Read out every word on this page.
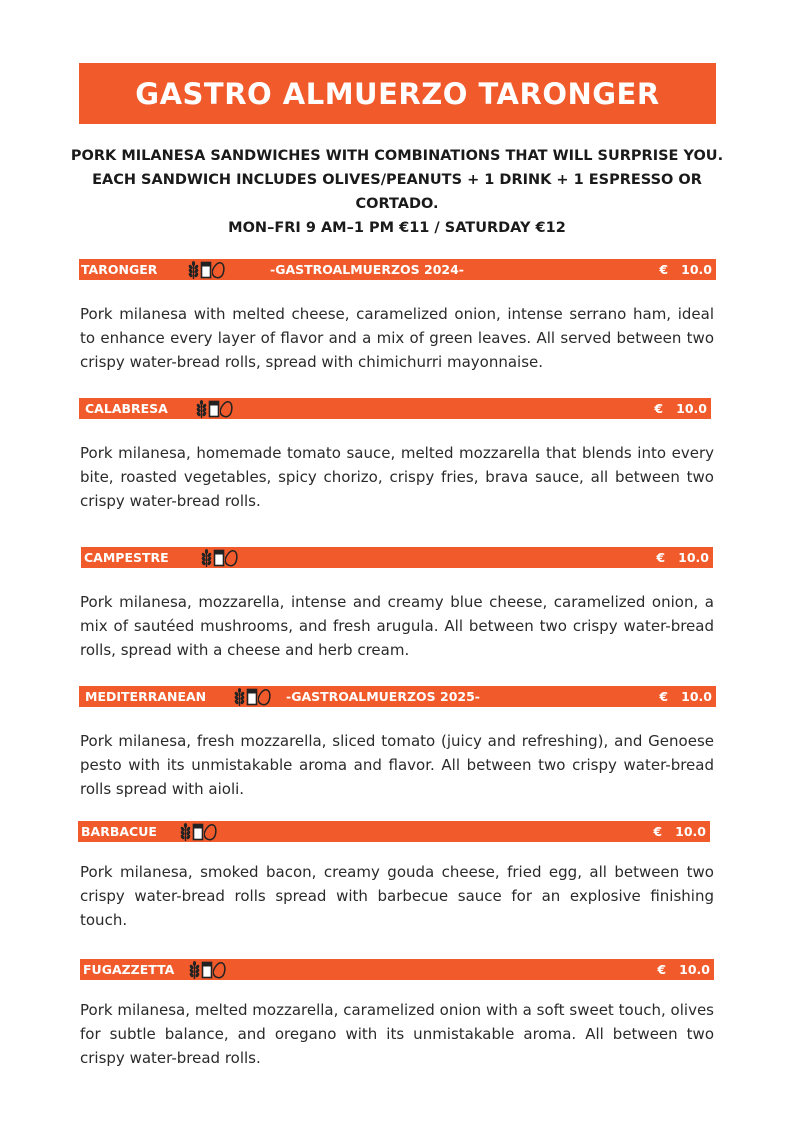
GASTRO ALMUERZO TARONGER
PORK MILANESA SANDWICHES WITH COMBINATIONS THAT WILL SURPRISE YOU.
EACH SANDWICH INCLUDES OLIVES/PEANUTS + 1 DRINK + 1 ESPRESSO OR CORTADO.
MON–FRI 9 AM–1 PM €11 / SATURDAY €12
TARONGER	-GASTROALMUERZOS 2024-	€   10.0
Pork milanesa with melted cheese, caramelized onion, intense serrano ham, ideal to enhance every layer of flavor and a mix of green leaves. All served between two crispy water-bread rolls, spread with chimichurri mayonnaise.
CALABRESA	€   10.0
Pork milanesa, homemade tomato sauce, melted mozzarella that blends into every bite, roasted vegetables, spicy chorizo, crispy fries, brava sauce, all between two crispy water-bread rolls.
CAMPESTRE	€   10.0
Pork milanesa, mozzarella, intense and creamy blue cheese, caramelized onion, a mix of sautéed mushrooms, and fresh arugula. All between two crispy water-bread rolls, spread with a cheese and herb cream.
MEDITERRANEAN	-GASTROALMUERZOS 2025-	€   10.0
Pork milanesa, fresh mozzarella, sliced tomato (juicy and refreshing), and Genoese pesto with its unmistakable aroma and flavor. All between two crispy water-bread rolls spread with aioli.
BARBACUE	€   10.0
Pork milanesa, smoked bacon, creamy gouda cheese, fried egg, all between two crispy water-bread rolls spread with barbecue sauce for an explosive finishing touch.
FUGAZZETTA	€   10.0
Pork milanesa, melted mozzarella, caramelized onion with a soft sweet touch, olives for subtle balance, and oregano with its unmistakable aroma. All between two crispy water-bread rolls.
